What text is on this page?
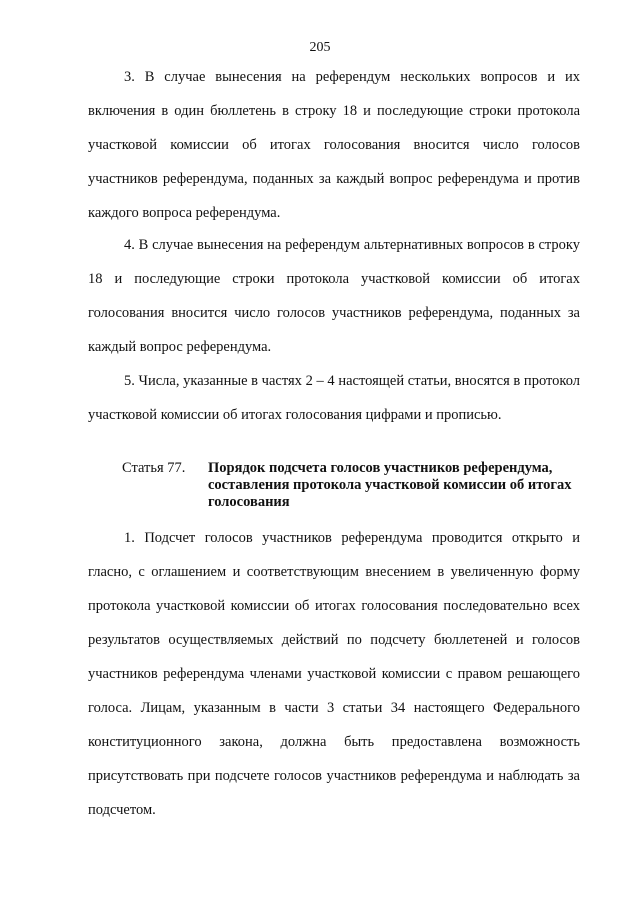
205

3. В случае вынесения на референдум нескольких вопросов и их включения в один бюллетень в строку 18 и последующие строки протокола участковой комиссии об итогах голосования вносится число голосов участников референдума, поданных за каждый вопрос референдума и против каждого вопроса референдума.

4. В случае вынесения на референдум альтернативных вопросов в строку 18 и последующие строки протокола участковой комиссии об итогах голосования вносится число голосов участников референдума, поданных за каждый вопрос референдума.

5. Числа, указанные в частях 2 – 4 настоящей статьи, вносятся в протокол участковой комиссии об итогах голосования цифрами и прописью.

Статья 77.	Порядок подсчета голосов участников референдума, составления протокола участковой комиссии об итогах голосования

1. Подсчет голосов участников референдума проводится открыто и гласно, с оглашением и соответствующим внесением в увеличенную форму протокола участковой комиссии об итогах голосования последовательно всех результатов осуществляемых действий по подсчету бюллетеней и голосов участников референдума членами участковой комиссии с правом решающего голоса. Лицам, указанным в части 3 статьи 34 настоящего Федерального конституционного закона, должна быть предоставлена возможность присутствовать при подсчете голосов участников референдума и наблюдать за подсчетом.
